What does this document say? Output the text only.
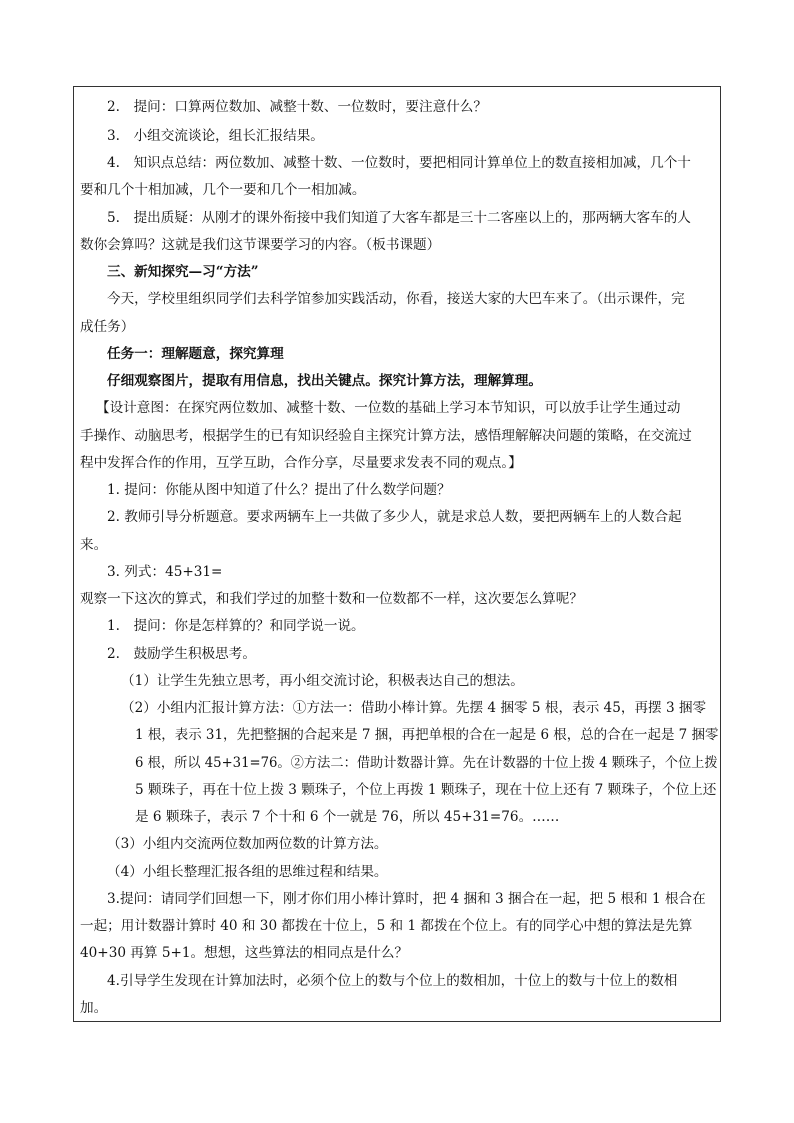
2.　提问：口算两位数加、减整十数、一位数时，要注意什么？
3.　小组交流谈论，组长汇报结果。
4.　知识点总结：两位数加、减整十数、一位数时，要把相同计算单位上的数直接相加减，几个十
要和几个十相加减，几个一要和几个一相加减。
5.　提出质疑：从刚才的课外衔接中我们知道了大客车都是三十二客座以上的，那两辆大客车的人
数你会算吗？这就是我们这节课要学习的内容。（板书课题）
三、新知探究—习“方法”
今天，学校里组织同学们去科学馆参加实践活动，你看，接送大家的大巴车来了。（出示课件，完
成任务）
任务一：理解题意，探究算理
仔细观察图片，提取有用信息，找出关键点。探究计算方法，理解算理。
【设计意图：在探究两位数加、减整十数、一位数的基础上学习本节知识，可以放手让学生通过动
手操作、动脑思考，根据学生的已有知识经验自主探究计算方法，感悟理解解决问题的策略，在交流过
程中发挥合作的作用，互学互助，合作分享，尽量要求发表不同的观点。】
1. 提问：你能从图中知道了什么？提出了什么数学问题？
2. 教师引导分析题意。要求两辆车上一共做了多少人，就是求总人数，要把两辆车上的人数合起
来。
3. 列式：45+31=
观察一下这次的算式，和我们学过的加整十数和一位数都不一样，这次要怎么算呢？
1.　提问：你是怎样算的？和同学说一说。
2.　鼓励学生积极思考。
（1）让学生先独立思考，再小组交流讨论，积极表达自己的想法。
（2）小组内汇报计算方法：①方法一：借助小棒计算。先摆 4 捆零 5 根，表示 45，再摆 3 捆零
1 根，表示 31，先把整捆的合起来是 7 捆，再把单根的合在一起是 6 根，总的合在一起是 7 捆零
6 根，所以 45+31=76。②方法二：借助计数器计算。先在计数器的十位上拨 4 颗珠子，个位上拨
5 颗珠子，再在十位上拨 3 颗珠子，个位上再拨 1 颗珠子，现在十位上还有 7 颗珠子，个位上还
是 6 颗珠子，表示 7 个十和 6 个一就是 76，所以 45+31=76。……
（3）小组内交流两位数加两位数的计算方法。
（4）小组长整理汇报各组的思维过程和结果。
3.提问：请同学们回想一下，刚才你们用小棒计算时，把 4 捆和 3 捆合在一起，把 5 根和 1 根合在
一起；用计数器计算时 40 和 30 都拨在十位上，5 和 1 都拨在个位上。有的同学心中想的算法是先算
40+30 再算 5+1。想想，这些算法的相同点是什么？
4.引导学生发现在计算加法时，必须个位上的数与个位上的数相加，十位上的数与十位上的数相
加。
